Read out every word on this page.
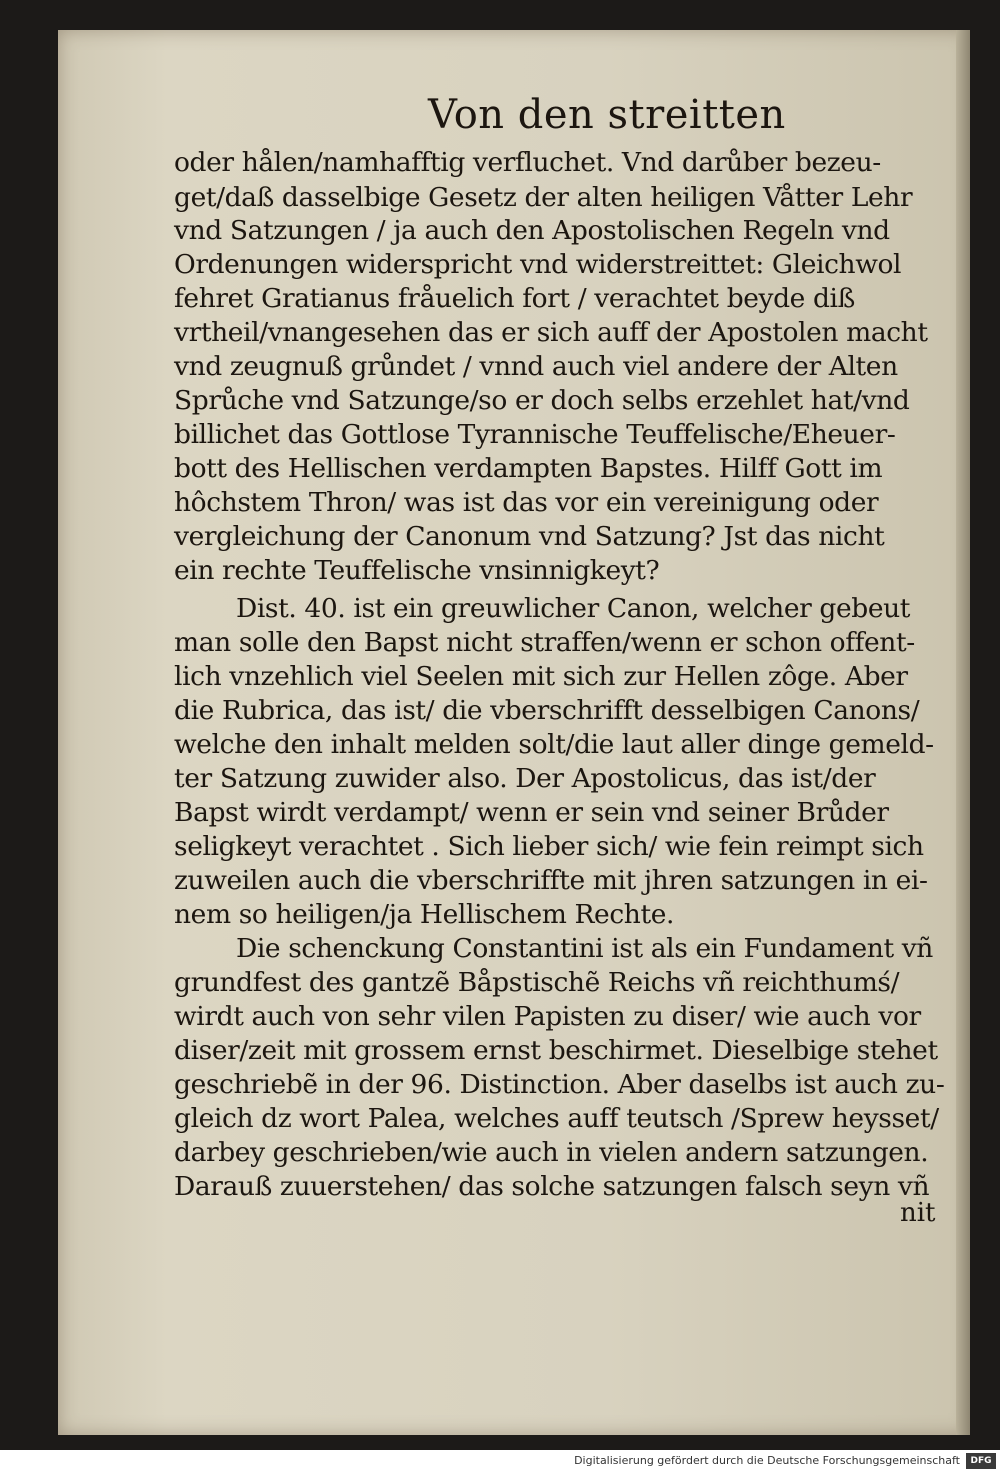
Von den streitten
oder hålen/namhafftig verfluchet. Vnd darůber bezeu-
get/daß dasselbige Gesetz der alten heiligen Våtter Lehr
vnd Satzungen / ja auch den Apostolischen Regeln vnd
Ordenungen widerspricht vnd widerstreittet: Gleichwol
fehret Gratianus fråuelich fort / verachtet beyde diß
vrtheil/vnangesehen das er sich auff der Apostolen macht
vnd zeugnuß grůndet / vnnd auch viel andere der Alten
Sprůche vnd Satzunge/so er doch selbs erzehlet hat/vnd
billichet das Gottlose Tyrannische Teuffelische/Eheuer-
bott des Hellischen verdampten Bapstes. Hilff Gott im
hôchstem Thron/ was ist das vor ein vereinigung oder
vergleichung der Canonum vnd Satzung? Jst das nicht
ein rechte Teuffelische vnsinnigkeyt?
Dist. 40. ist ein greuwlicher Canon, welcher gebeut
man solle den Bapst nicht straffen/wenn er schon offent-
lich vnzehlich viel Seelen mit sich zur Hellen zôge. Aber
die Rubrica, das ist/ die vberschrifft desselbigen Canons/
welche den inhalt melden solt/die laut aller dinge gemeld-
ter Satzung zuwider also. Der Apostolicus, das ist/der
Bapst wirdt verdampt/ wenn er sein vnd seiner Brůder
seligkeyt verachtet . Sich lieber sich/ wie fein reimpt sich
zuweilen auch die vberschriffte mit jhren satzungen in ei-
nem so heiligen/ja Hellischem Rechte.
Die schenckung Constantini ist als ein Fundament vñ
grundfest des gantzẽ Båpstischẽ Reichs vñ reichthumś/
wirdt auch von sehr vilen Papisten zu diser/ wie auch vor
diser/zeit mit grossem ernst beschirmet. Dieselbige stehet
geschriebẽ in der 96. Distinction. Aber daselbs ist auch zu-
gleich dz wort Palea, welches auff teutsch /Sprew heysset/
darbey geschrieben/wie auch in vielen andern satzungen.
Darauß zuuerstehen/ das solche satzungen falsch seyn vñ
nit
Digitalisierung gefördert durch die Deutsche Forschungsgemeinschaft	DFG
